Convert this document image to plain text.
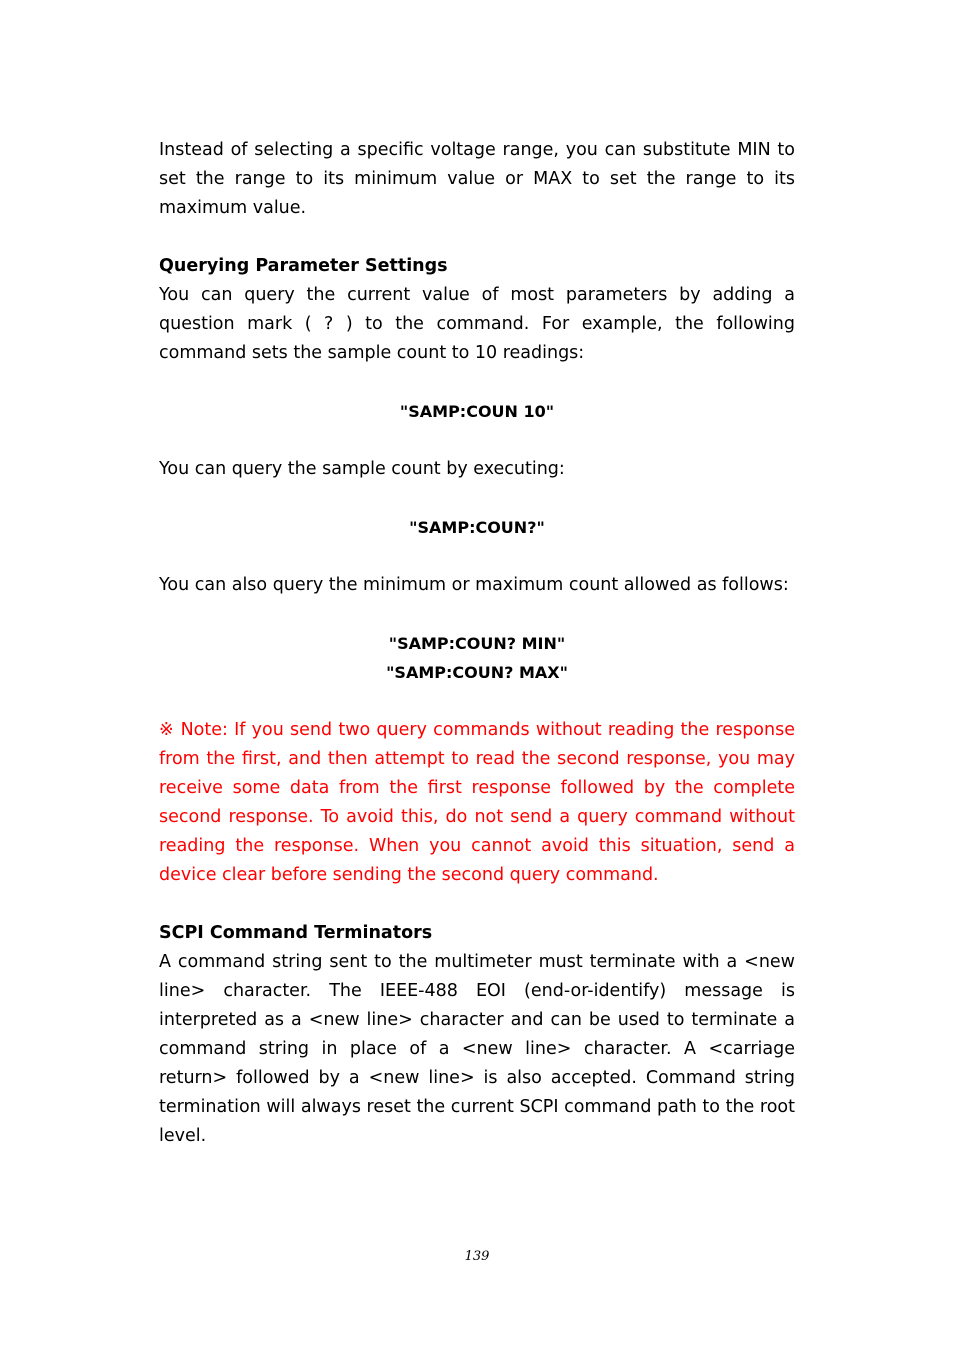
Instead of selecting a specific voltage range, you can substitute MIN to set the range to its minimum value or MAX to set the range to its maximum value.

Querying Parameter Settings

You can query the current value of most parameters by adding a question mark ( ? ) to the command. For example, the following command sets the sample count to 10 readings:

"SAMP:COUN 10"

You can query the sample count by executing:

"SAMP:COUN?"

You can also query the minimum or maximum count allowed as follows:

"SAMP:COUN? MIN"

"SAMP:COUN? MAX"

※ Note: If you send two query commands without reading the response from the first, and then attempt to read the second response, you may receive some data from the first response followed by the complete second response. To avoid this, do not send a query command without reading the response. When you cannot avoid this situation, send a device clear before sending the second query command.

SCPI Command Terminators

A command string sent to the multimeter must terminate with a <new line> character. The IEEE-488 EOI (end-or-identify) message is interpreted as a <new line> character and can be used to terminate a command string in place of a <new line> character. A <carriage return> followed by a <new line> is also accepted. Command string termination will always reset the current SCPI command path to the root level.

139
